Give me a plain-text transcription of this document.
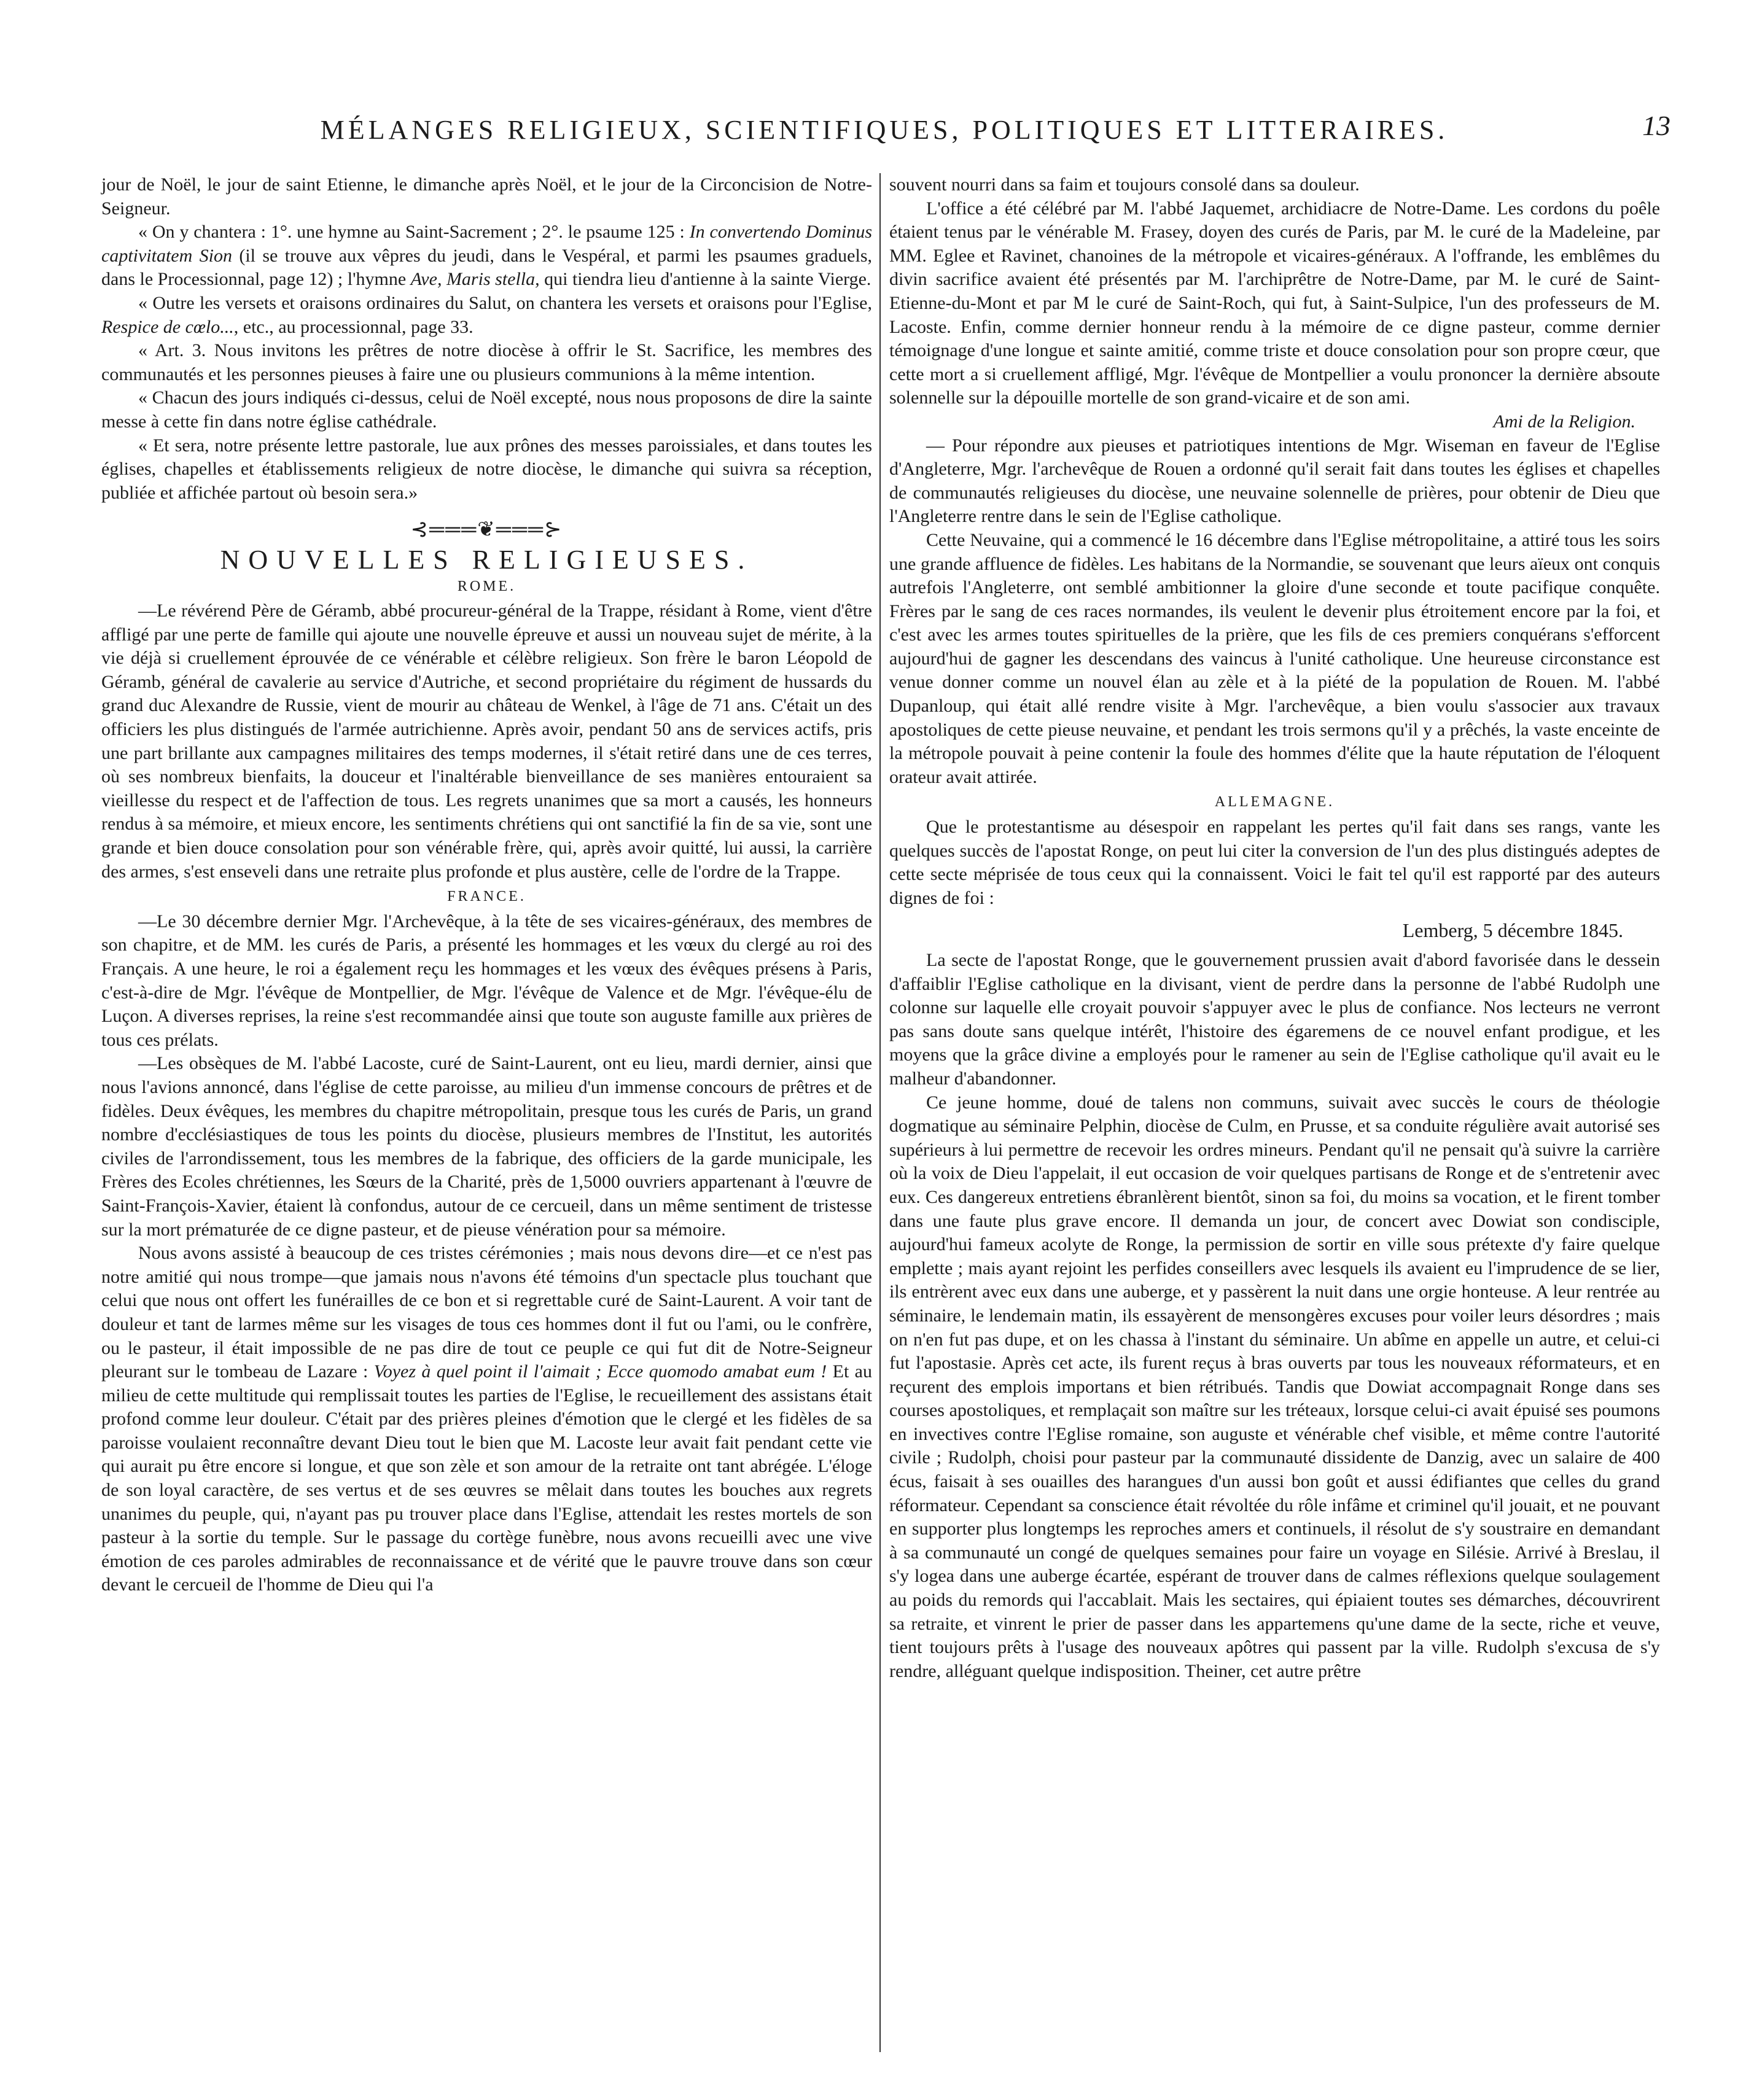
MÉLANGES RELIGIEUX, SCIENTIFIQUES, POLITIQUES ET LITTERAIRES.	13

jour de Noël, le jour de saint Etienne, le dimanche après Noël, et le jour de la Circoncision de Notre-Seigneur.

« On y chantera : 1°. une hymne au Saint-Sacrement ; 2°. le psaume 125 : In convertendo Dominus captivitatem Sion (il se trouve aux vêpres du jeudi, dans le Vespéral, et parmi les psaumes graduels, dans le Processionnal, page 12) ; l'hymne Ave, Maris stella, qui tiendra lieu d'antienne à la sainte Vierge.

« Outre les versets et oraisons ordinaires du Salut, on chantera les versets et oraisons pour l'Eglise, Respice de cœlo..., etc., au processionnal, page 33.

« Art. 3. Nous invitons les prêtres de notre diocèse à offrir le St. Sacrifice, les membres des communautés et les personnes pieuses à faire une ou plusieurs communions à la même intention.

« Chacun des jours indiqués ci-dessus, celui de Noël excepté, nous nous proposons de dire la sainte messe à cette fin dans notre église cathédrale.

« Et sera, notre présente lettre pastorale, lue aux prônes des messes paroissiales, et dans toutes les églises, chapelles et établissements religieux de notre diocèse, le dimanche qui suivra sa réception, publiée et affichée partout où besoin sera.»

⊰═══❦═══⊱
NOUVELLES RELIGIEUSES.
ROME.

—Le révérend Père de Géramb, abbé procureur-général de la Trappe, résidant à Rome, vient d'être affligé par une perte de famille qui ajoute une nouvelle épreuve et aussi un nouveau sujet de mérite, à la vie déjà si cruellement éprouvée de ce vénérable et célèbre religieux. Son frère le baron Léopold de Géramb, général de cavalerie au service d'Autriche, et second propriétaire du régiment de hussards du grand duc Alexandre de Russie, vient de mourir au château de Wenkel, à l'âge de 71 ans. C'était un des officiers les plus distingués de l'armée autrichienne. Après avoir, pendant 50 ans de services actifs, pris une part brillante aux campagnes militaires des temps modernes, il s'était retiré dans une de ces terres, où ses nombreux bienfaits, la douceur et l'inaltérable bienveillance de ses manières entouraient sa vieillesse du respect et de l'affection de tous. Les regrets unanimes que sa mort a causés, les honneurs rendus à sa mémoire, et mieux encore, les sentiments chrétiens qui ont sanctifié la fin de sa vie, sont une grande et bien douce consolation pour son vénérable frère, qui, après avoir quitté, lui aussi, la carrière des armes, s'est enseveli dans une retraite plus profonde et plus austère, celle de l'ordre de la Trappe.

FRANCE.

—Le 30 décembre dernier Mgr. l'Archevêque, à la tête de ses vicaires-généraux, des membres de son chapitre, et de MM. les curés de Paris, a présenté les hommages et les vœux du clergé au roi des Français. A une heure, le roi a également reçu les hommages et les vœux des évêques présens à Paris, c'est-à-dire de Mgr. l'évêque de Montpellier, de Mgr. l'évêque de Valence et de Mgr. l'évêque-élu de Luçon. A diverses reprises, la reine s'est recommandée ainsi que toute son auguste famille aux prières de tous ces prélats.

—Les obsèques de M. l'abbé Lacoste, curé de Saint-Laurent, ont eu lieu, mardi dernier, ainsi que nous l'avions annoncé, dans l'église de cette paroisse, au milieu d'un immense concours de prêtres et de fidèles. Deux évêques, les membres du chapitre métropolitain, presque tous les curés de Paris, un grand nombre d'ecclésiastiques de tous les points du diocèse, plusieurs membres de l'Institut, les autorités civiles de l'arrondissement, tous les membres de la fabrique, des officiers de la garde municipale, les Frères des Ecoles chrétiennes, les Sœurs de la Charité, près de 1,5000 ouvriers appartenant à l'œuvre de Saint-François-Xavier, étaient là confondus, autour de ce cercueil, dans un même sentiment de tristesse sur la mort prématurée de ce digne pasteur, et de pieuse vénération pour sa mémoire.

Nous avons assisté à beaucoup de ces tristes cérémonies ; mais nous devons dire—et ce n'est pas notre amitié qui nous trompe—que jamais nous n'avons été témoins d'un spectacle plus touchant que celui que nous ont offert les funérailles de ce bon et si regrettable curé de Saint-Laurent. A voir tant de douleur et tant de larmes même sur les visages de tous ces hommes dont il fut ou l'ami, ou le confrère, ou le pasteur, il était impossible de ne pas dire de tout ce peuple ce qui fut dit de Notre-Seigneur pleurant sur le tombeau de Lazare : Voyez à quel point il l'aimait ; Ecce quomodo amabat eum ! Et au milieu de cette multitude qui remplissait toutes les parties de l'Eglise, le recueillement des assistans était profond comme leur douleur. C'était par des prières pleines d'émotion que le clergé et les fidèles de sa paroisse voulaient reconnaître devant Dieu tout le bien que M. Lacoste leur avait fait pendant cette vie qui aurait pu être encore si longue, et que son zèle et son amour de la retraite ont tant abrégée. L'éloge de son loyal caractère, de ses vertus et de ses œuvres se mêlait dans toutes les bouches aux regrets unanimes du peuple, qui, n'ayant pas pu trouver place dans l'Eglise, attendait les restes mortels de son pasteur à la sortie du temple. Sur le passage du cortège funèbre, nous avons recueilli avec une vive émotion de ces paroles admirables de reconnaissance et de vérité que le pauvre trouve dans son cœur devant le cercueil de l'homme de Dieu qui l'a

souvent nourri dans sa faim et toujours consolé dans sa douleur.

L'office a été célébré par M. l'abbé Jaquemet, archidiacre de Notre-Dame. Les cordons du poêle étaient tenus par le vénérable M. Frasey, doyen des curés de Paris, par M. le curé de la Madeleine, par MM. Eglee et Ravinet, chanoines de la métropole et vicaires-généraux. A l'offrande, les emblêmes du divin sacrifice avaient été présentés par M. l'archiprêtre de Notre-Dame, par M. le curé de Saint-Etienne-du-Mont et par M le curé de Saint-Roch, qui fut, à Saint-Sulpice, l'un des professeurs de M. Lacoste. Enfin, comme dernier honneur rendu à la mémoire de ce digne pasteur, comme dernier témoignage d'une longue et sainte amitié, comme triste et douce consolation pour son propre cœur, que cette mort a si cruellement affligé, Mgr. l'évêque de Montpellier a voulu prononcer la dernière absoute solennelle sur la dépouille mortelle de son grand-vicaire et de son ami.

Ami de la Religion.

— Pour répondre aux pieuses et patriotiques intentions de Mgr. Wiseman en faveur de l'Eglise d'Angleterre, Mgr. l'archevêque de Rouen a ordonné qu'il serait fait dans toutes les églises et chapelles de communautés religieuses du diocèse, une neuvaine solennelle de prières, pour obtenir de Dieu que l'Angleterre rentre dans le sein de l'Eglise catholique.

Cette Neuvaine, qui a commencé le 16 décembre dans l'Eglise métropolitaine, a attiré tous les soirs une grande affluence de fidèles. Les habitans de la Normandie, se souvenant que leurs aïeux ont conquis autrefois l'Angleterre, ont semblé ambitionner la gloire d'une seconde et toute pacifique conquête. Frères par le sang de ces races normandes, ils veulent le devenir plus étroitement encore par la foi, et c'est avec les armes toutes spirituelles de la prière, que les fils de ces premiers conquérans s'efforcent aujourd'hui de gagner les descendans des vaincus à l'unité catholique. Une heureuse circonstance est venue donner comme un nouvel élan au zèle et à la piété de la population de Rouen. M. l'abbé Dupanloup, qui était allé rendre visite à Mgr. l'archevêque, a bien voulu s'associer aux travaux apostoliques de cette pieuse neuvaine, et pendant les trois sermons qu'il y a prêchés, la vaste enceinte de la métropole pouvait à peine contenir la foule des hommes d'élite que la haute réputation de l'éloquent orateur avait attirée.

ALLEMAGNE.

Que le protestantisme au désespoir en rappelant les pertes qu'il fait dans ses rangs, vante les quelques succès de l'apostat Ronge, on peut lui citer la conversion de l'un des plus distingués adeptes de cette secte méprisée de tous ceux qui la connaissent. Voici le fait tel qu'il est rapporté par des auteurs dignes de foi :

Lemberg, 5 décembre 1845.

La secte de l'apostat Ronge, que le gouvernement prussien avait d'abord favorisée dans le dessein d'affaiblir l'Eglise catholique en la divisant, vient de perdre dans la personne de l'abbé Rudolph une colonne sur laquelle elle croyait pouvoir s'appuyer avec le plus de confiance. Nos lecteurs ne verront pas sans doute sans quelque intérêt, l'histoire des égaremens de ce nouvel enfant prodigue, et les moyens que la grâce divine a employés pour le ramener au sein de l'Eglise catholique qu'il avait eu le malheur d'abandonner.

Ce jeune homme, doué de talens non communs, suivait avec succès le cours de théologie dogmatique au séminaire Pelphin, diocèse de Culm, en Prusse, et sa conduite régulière avait autorisé ses supérieurs à lui permettre de recevoir les ordres mineurs. Pendant qu'il ne pensait qu'à suivre la carrière où la voix de Dieu l'appelait, il eut occasion de voir quelques partisans de Ronge et de s'entretenir avec eux. Ces dangereux entretiens ébranlèrent bientôt, sinon sa foi, du moins sa vocation, et le firent tomber dans une faute plus grave encore. Il demanda un jour, de concert avec Dowiat son condisciple, aujourd'hui fameux acolyte de Ronge, la permission de sortir en ville sous prétexte d'y faire quelque emplette ; mais ayant rejoint les perfides conseillers avec lesquels ils avaient eu l'imprudence de se lier, ils entrèrent avec eux dans une auberge, et y passèrent la nuit dans une orgie honteuse. A leur rentrée au séminaire, le lendemain matin, ils essayèrent de mensongères excuses pour voiler leurs désordres ; mais on n'en fut pas dupe, et on les chassa à l'instant du séminaire. Un abîme en appelle un autre, et celui-ci fut l'apostasie. Après cet acte, ils furent reçus à bras ouverts par tous les nouveaux réformateurs, et en reçurent des emplois importans et bien rétribués. Tandis que Dowiat accompagnait Ronge dans ses courses apostoliques, et remplaçait son maître sur les tréteaux, lorsque celui-ci avait épuisé ses poumons en invectives contre l'Eglise romaine, son auguste et vénérable chef visible, et même contre l'autorité civile ; Rudolph, choisi pour pasteur par la communauté dissidente de Danzig, avec un salaire de 400 écus, faisait à ses ouailles des harangues d'un aussi bon goût et aussi édifiantes que celles du grand réformateur. Cependant sa conscience était révoltée du rôle infâme et criminel qu'il jouait, et ne pouvant en supporter plus longtemps les reproches amers et continuels, il résolut de s'y soustraire en demandant à sa communauté un congé de quelques semaines pour faire un voyage en Silésie. Arrivé à Breslau, il s'y logea dans une auberge écartée, espérant de trouver dans de calmes réflexions quelque soulagement au poids du remords qui l'accablait. Mais les sectaires, qui épiaient toutes ses démarches, découvrirent sa retraite, et vinrent le prier de passer dans les appartemens qu'une dame de la secte, riche et veuve, tient toujours prêts à l'usage des nouveaux apôtres qui passent par la ville. Rudolph s'excusa de s'y rendre, alléguant quelque indisposition. Theiner, cet autre prêtre
